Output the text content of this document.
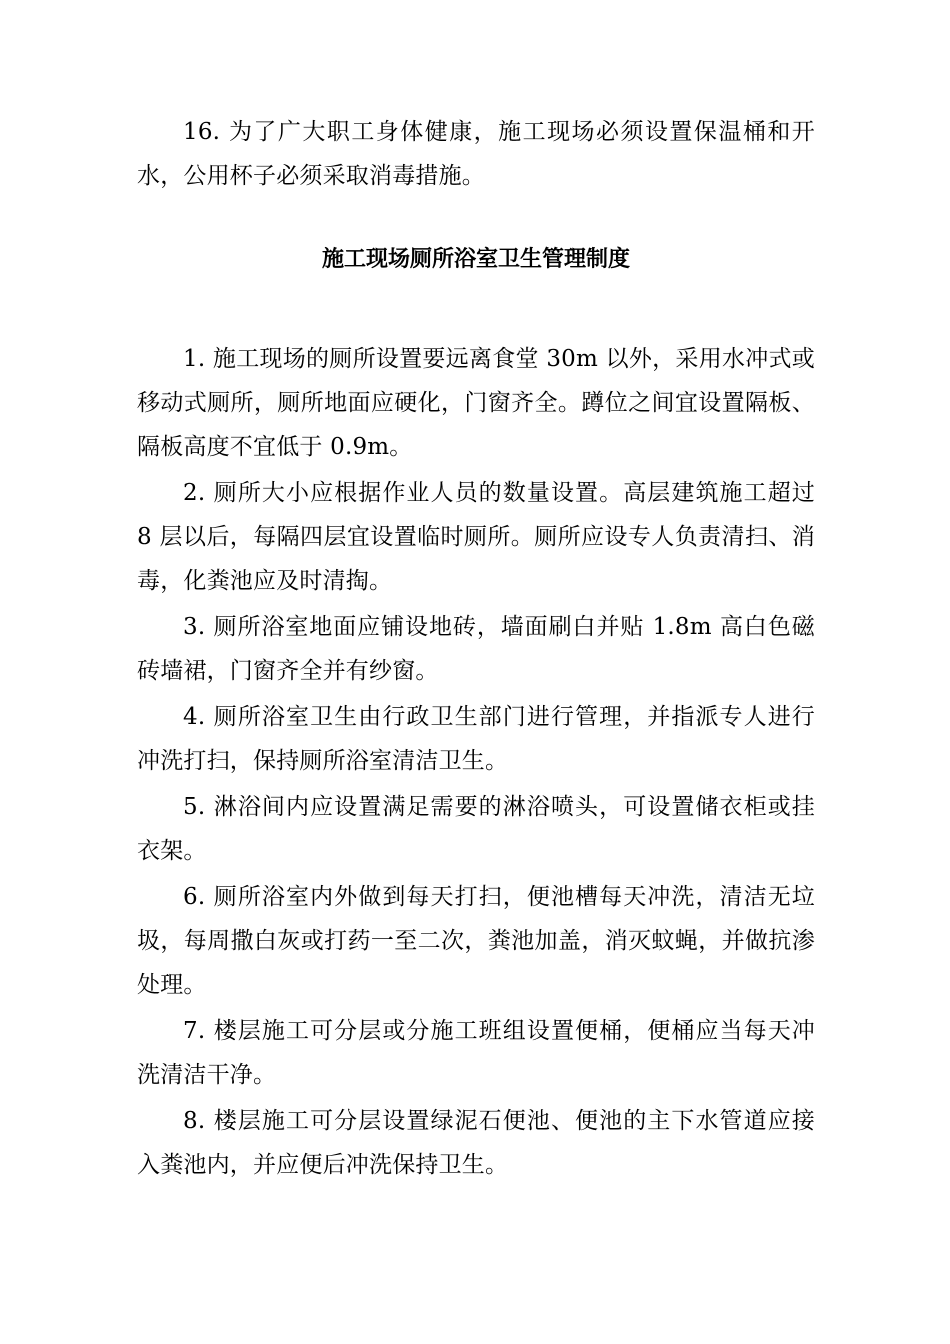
16. 为了广大职工身体健康，施工现场必须设置保温桶和开水，公用杯子必须采取消毒措施。

施工现场厕所浴室卫生管理制度

1. 施工现场的厕所设置要远离食堂 30m 以外，采用水冲式或移动式厕所，厕所地面应硬化，门窗齐全。蹲位之间宜设置隔板、隔板高度不宜低于 0.9m。

2. 厕所大小应根据作业人员的数量设置。高层建筑施工超过 8 层以后，每隔四层宜设置临时厕所。厕所应设专人负责清扫、消毒，化粪池应及时清掏。

3. 厕所浴室地面应铺设地砖，墙面刷白并贴 1.8m 高白色磁砖墙裙，门窗齐全并有纱窗。

4. 厕所浴室卫生由行政卫生部门进行管理，并指派专人进行冲洗打扫，保持厕所浴室清洁卫生。

5. 淋浴间内应设置满足需要的淋浴喷头，可设置储衣柜或挂衣架。

6. 厕所浴室内外做到每天打扫，便池槽每天冲洗，清洁无垃圾，每周撒白灰或打药一至二次，粪池加盖，消灭蚊蝇，并做抗渗处理。

7. 楼层施工可分层或分施工班组设置便桶，便桶应当每天冲洗清洁干净。

8. 楼层施工可分层设置绿泥石便池、便池的主下水管道应接入粪池内，并应便后冲洗保持卫生。
